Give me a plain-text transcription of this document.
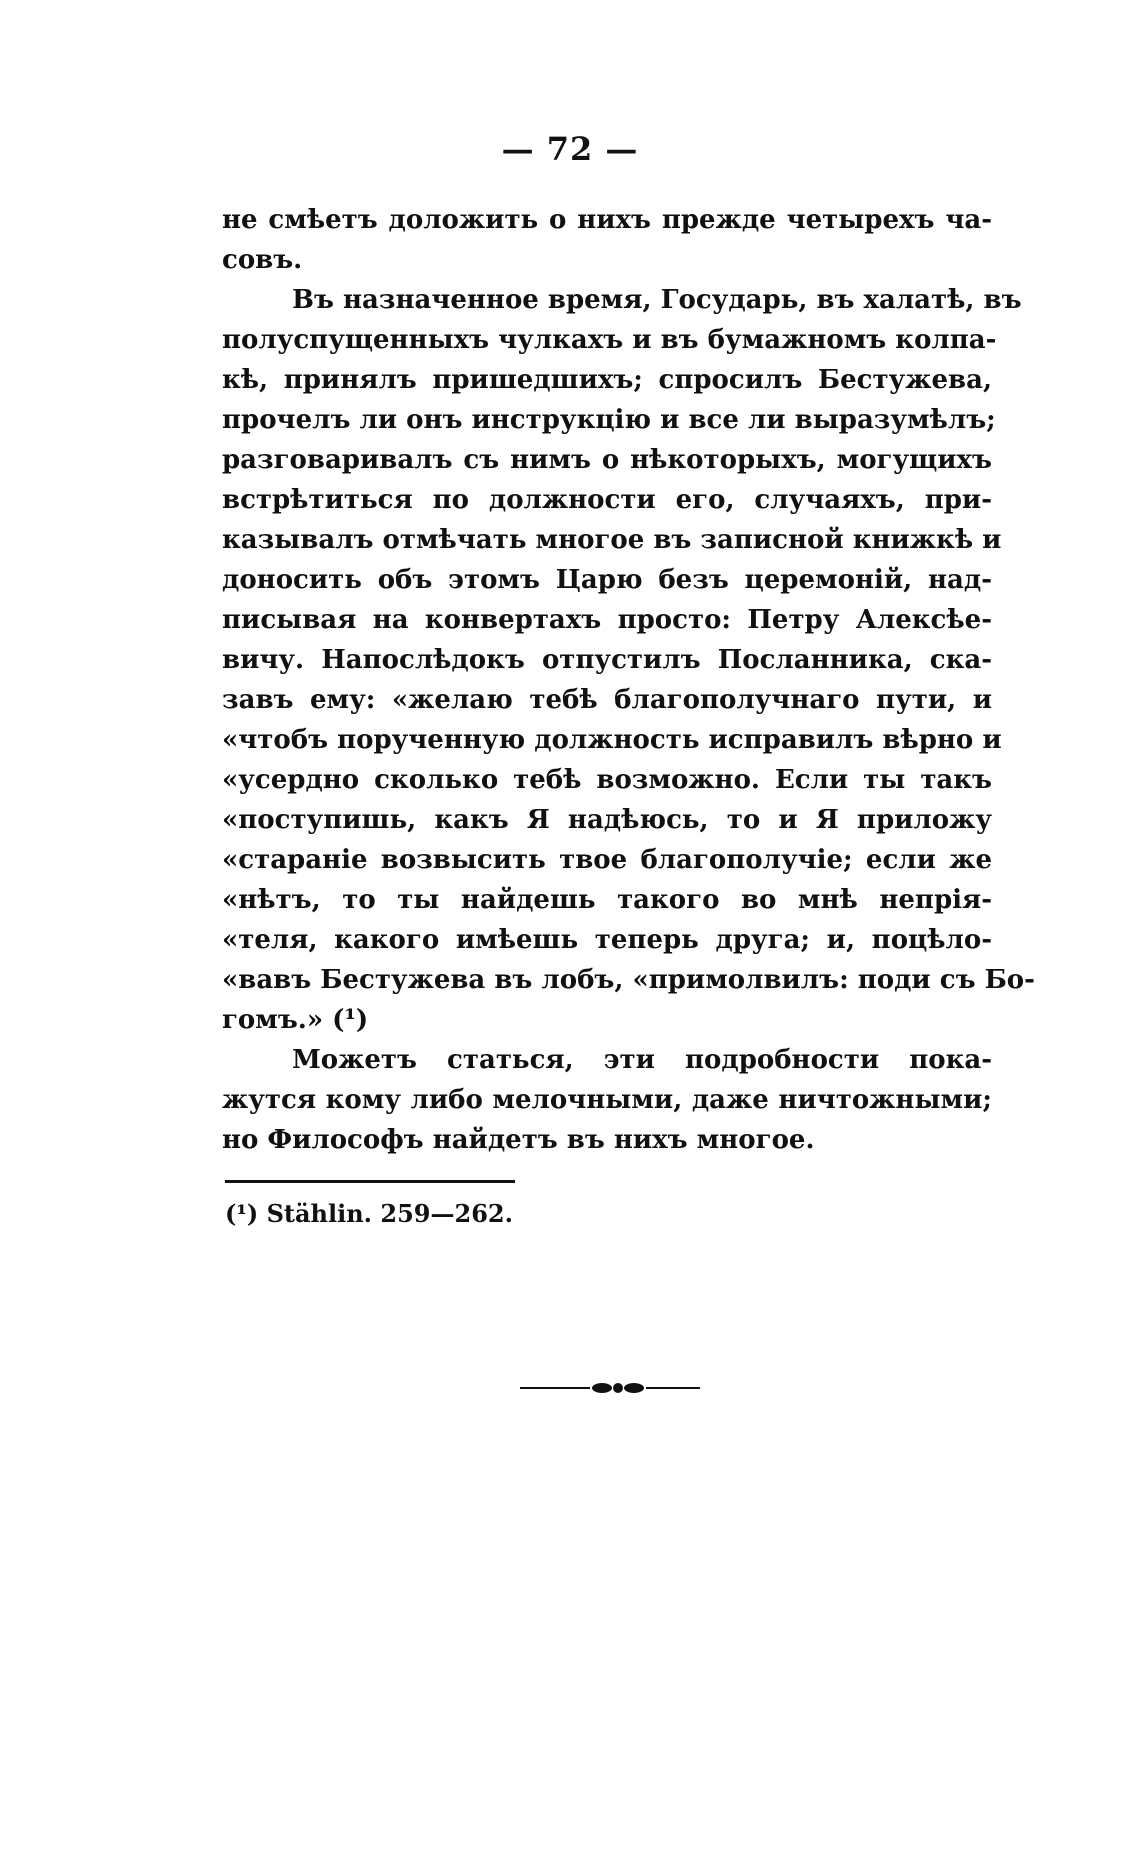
— 72 —
не смѣетъ доложить о нихъ прежде четырехъ ча-
совъ.
Въ назначенное время, Государь, въ халатѣ, въ
полуспущенныхъ чулкахъ и въ бумажномъ колпа-
кѣ, принялъ пришедшихъ; спросилъ Бестужева,
прочелъ ли онъ инструкцію и все ли выразумѣлъ;
разговаривалъ съ нимъ о нѣкоторыхъ, могущихъ
встрѣтиться по должности его, случаяхъ, при-
казывалъ отмѣчать многое въ записной книжкѣ и
доносить объ этомъ Царю безъ церемоній, над-
писывая на конвертахъ просто: Петру Алексѣе-
вичу. Напослѣдокъ отпустилъ Посланника, ска-
завъ ему: «желаю тебѣ благополучнаго пути, и
«чтобъ порученную должность исправилъ вѣрно и
«усердно сколько тебѣ возможно. Если ты такъ
«поступишь, какъ Я надѣюсь, то и Я приложу
«стараніе возвысить твое благополучіе; если же
«нѣтъ, то ты найдешь такого во мнѣ непрія-
«теля, какого имѣешь теперь друга; и, поцѣло-
«вавъ Бестужева въ лобъ, «примолвилъ: поди съ Бо-
гомъ.» (¹)
Можетъ статься, эти подробности пока-
жутся кому либо мелочными, даже ничтожными;
но Философъ найдетъ въ нихъ многое.
(¹) Stählin. 259—262.
